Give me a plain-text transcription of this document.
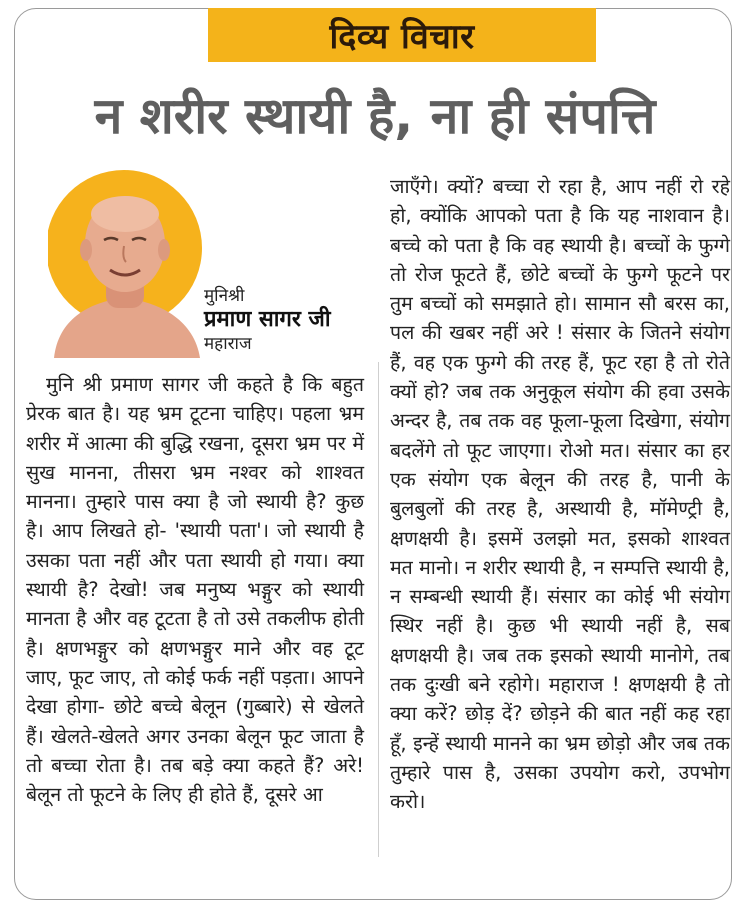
दिव्य विचार
न शरीर स्थायी है, ना ही संपत्ति
मुनिश्री
प्रमाण सागर जी
महाराज
मुनि श्री प्रमाण सागर जी कहते है कि बहुत प्रेरक बात है। यह भ्रम टूटना चाहिए। पहला भ्रम शरीर में आत्मा की बुद्धि रखना, दूसरा भ्रम पर में सुख मानना, तीसरा भ्रम नश्वर को शाश्वत मानना। तुम्हारे पास क्या है जो स्थायी है? कुछ है। आप लिखते हो- 'स्थायी पता'। जो स्थायी है उसका पता नहीं और पता स्थायी हो गया। क्या स्थायी है? देखो! जब मनुष्य भङ्गुर को स्थायी मानता है और वह टूटता है तो उसे तकलीफ होती है। क्षणभङ्गुर को क्षणभङ्गुर माने और वह टूट जाए, फूट जाए, तो कोई फर्क नहीं पड़ता। आपने देखा होगा- छोटे बच्चे बेलून (गुब्बारे) से खेलते हैं। खेलते-खेलते अगर उनका बेलून फूट जाता है तो बच्चा रोता है। तब बड़े क्या कहते हैं? अरे! बेलून तो फूटने के लिए ही होते हैं, दूसरे आ
जाएँगे। क्यों? बच्चा रो रहा है, आप नहीं रो रहे हो, क्योंकि आपको पता है कि यह नाशवान है। बच्चे को पता है कि वह स्थायी है। बच्चों के फुग्गे तो रोज फूटते हैं, छोटे बच्चों के फुग्गे फूटने पर तुम बच्चों को समझाते हो। सामान सौ बरस का, पल की खबर नहीं अरे ! संसार के जितने संयोग हैं, वह एक फुग्गे की तरह हैं, फूट रहा है तो रोते क्यों हो? जब तक अनुकूल संयोग की हवा उसके अन्दर है, तब तक वह फूला-फूला दिखेगा, संयोग बदलेंगे तो फूट जाएगा। रोओ मत। संसार का हर एक संयोग एक बेलून की तरह है, पानी के बुलबुलों की तरह है, अस्थायी है, मॉमेण्ट्री है, क्षणक्षयी है। इसमें उलझो मत, इसको शाश्वत मत मानो। न शरीर स्थायी है, न सम्पत्ति स्थायी है, न सम्बन्धी स्थायी हैं। संसार का कोई भी संयोग स्थिर नहीं है। कुछ भी स्थायी नहीं है, सब क्षणक्षयी है। जब तक इसको स्थायी मानोगे, तब तक दुःखी बने रहोगे। महाराज ! क्षणक्षयी है तो क्या करें? छोड़ दें? छोड़ने की बात नहीं कह रहा हूँ, इन्हें स्थायी मानने का भ्रम छोड़ो और जब तक तुम्हारे पास है, उसका उपयोग करो, उपभोग करो।
